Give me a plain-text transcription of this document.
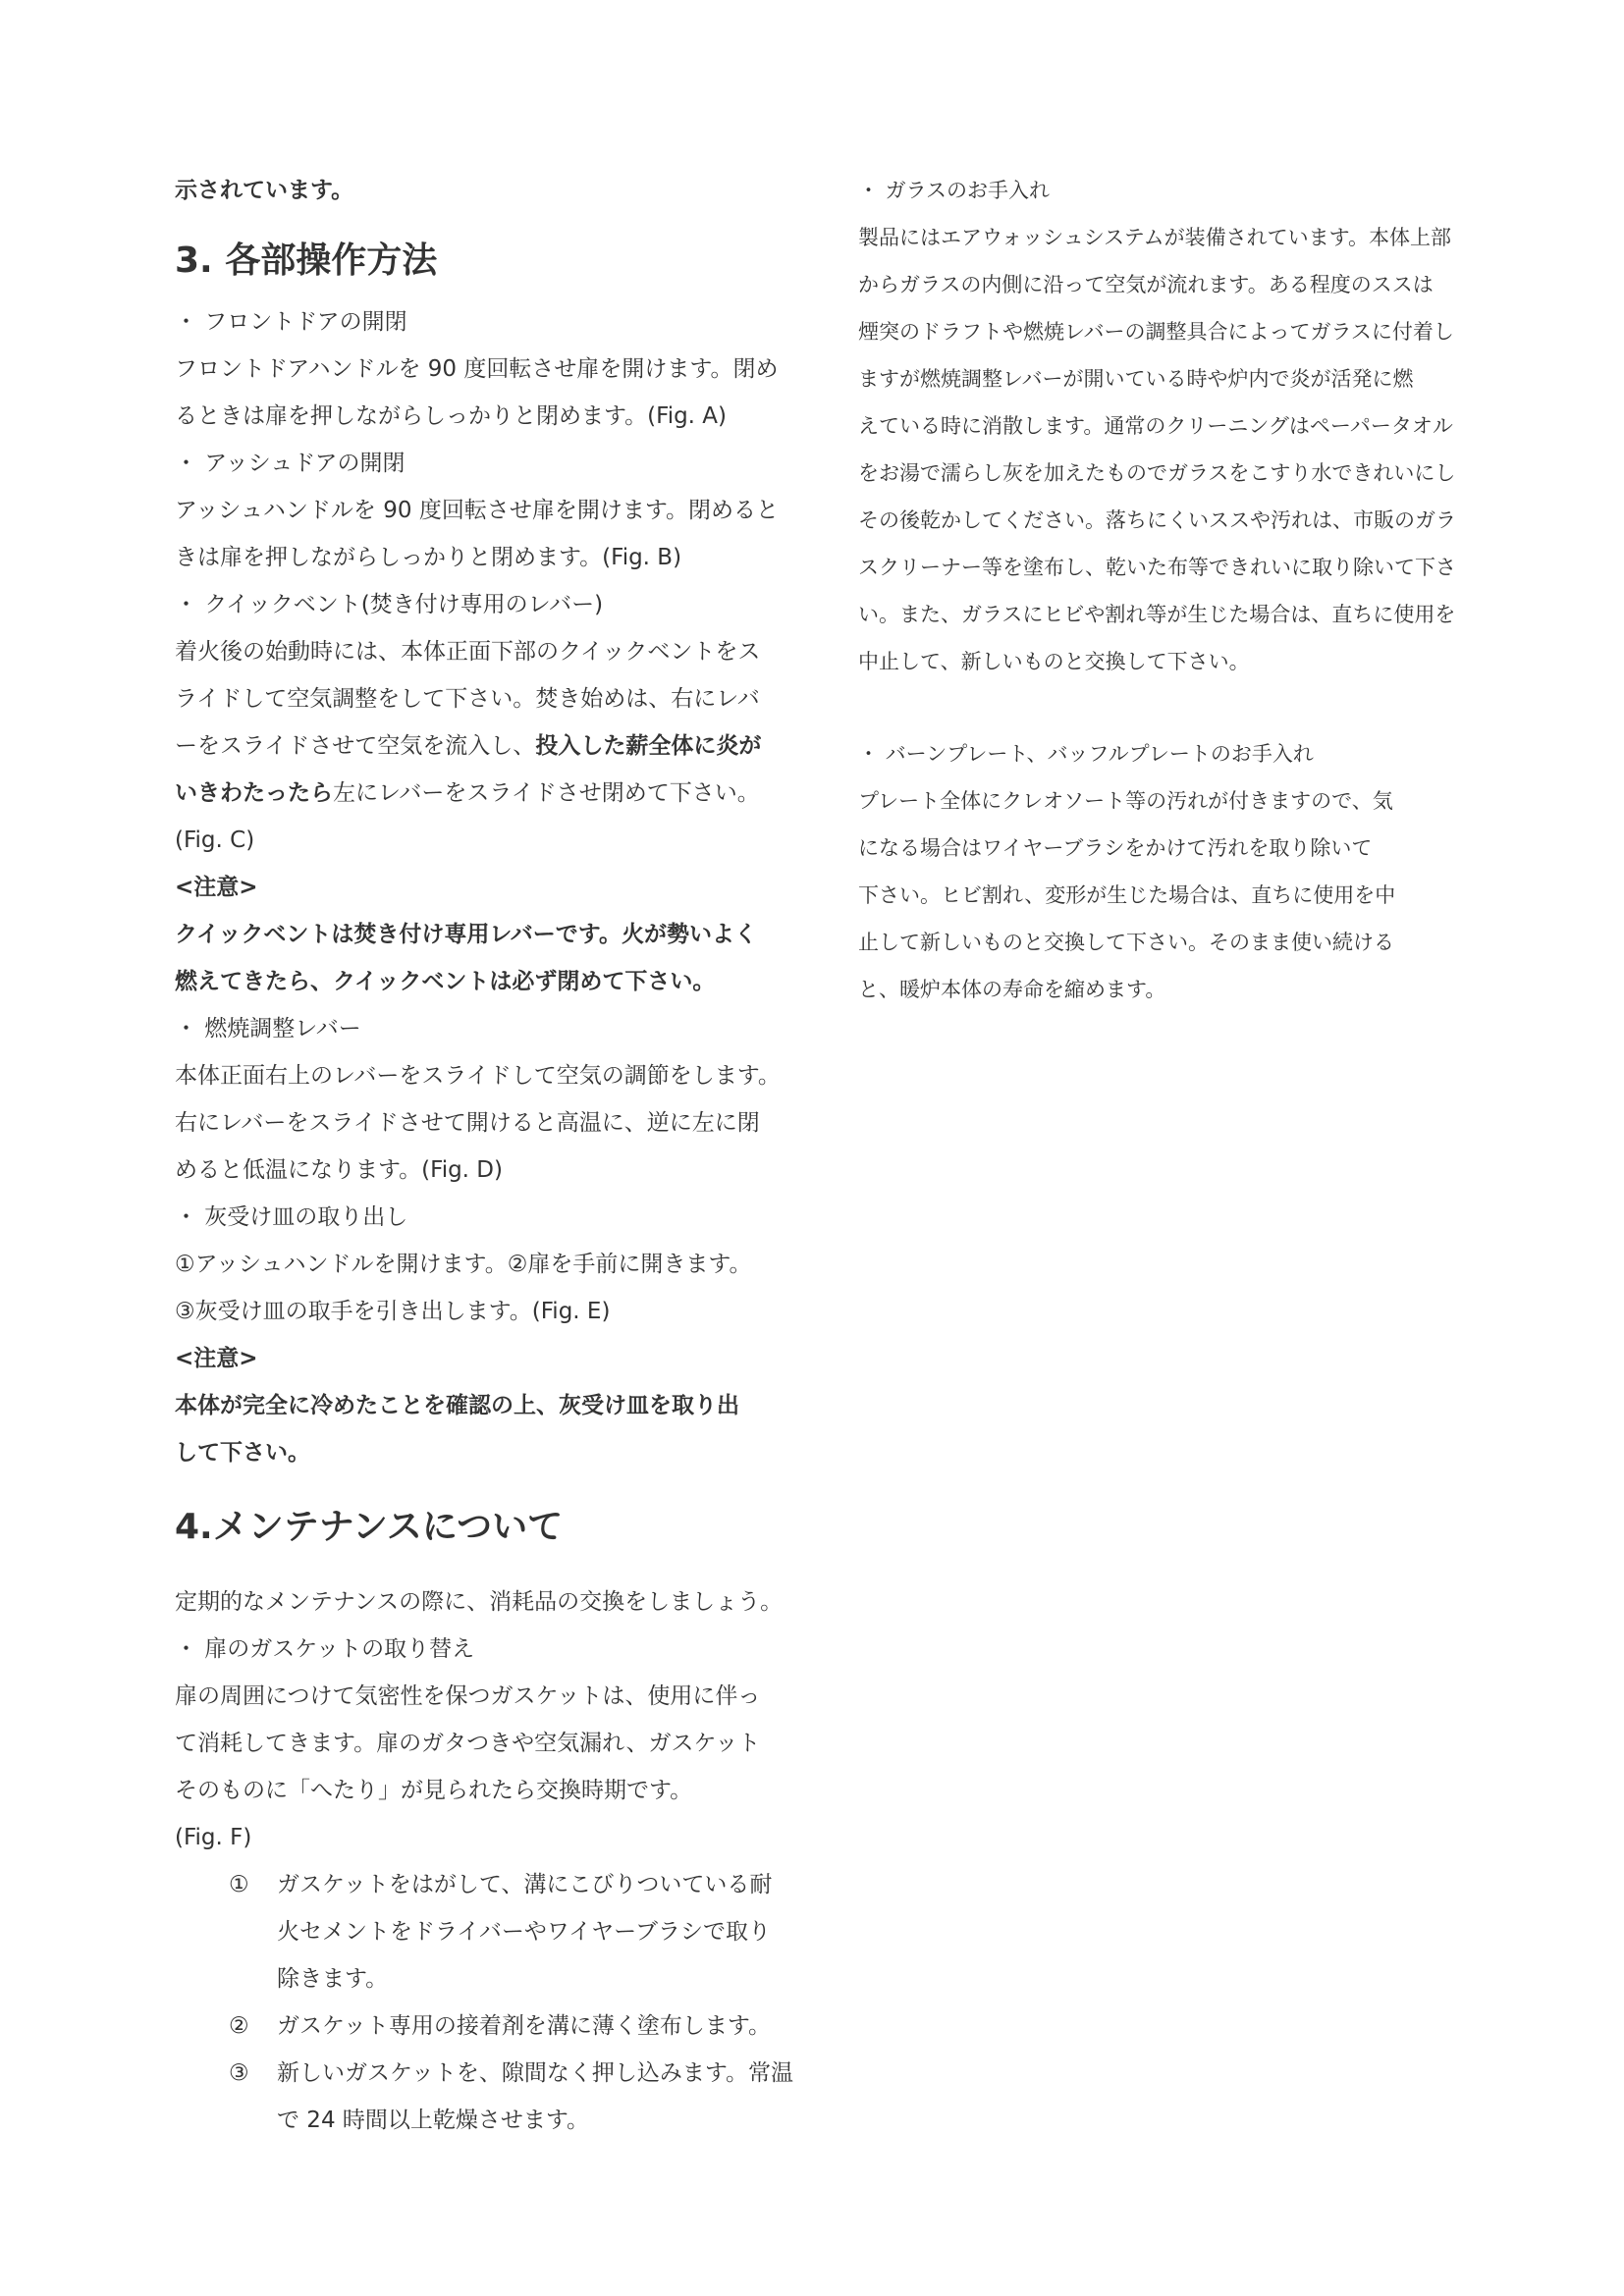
示されています。
3. 各部操作方法
・ フロントドアの開閉
フロントドアハンドルを 90 度回転させ扉を開けます。閉め
るときは扉を押しながらしっかりと閉めます。(Fig. A)
・ アッシュドアの開閉
アッシュハンドルを 90 度回転させ扉を開けます。閉めると
きは扉を押しながらしっかりと閉めます。(Fig. B)
・ クイックベント(焚き付け専用のレバー)
着火後の始動時には、本体正面下部のクイックベントをス
ライドして空気調整をして下さい。焚き始めは、右にレバ
ーをスライドさせて空気を流入し、投入した薪全体に炎が
いきわたったら左にレバーをスライドさせ閉めて下さい。
(Fig. C)
<注意>
クイックベントは焚き付け専用レバーです。火が勢いよく
燃えてきたら、クイックベントは必ず閉めて下さい。
・ 燃焼調整レバー
本体正面右上のレバーをスライドして空気の調節をします。
右にレバーをスライドさせて開けると高温に、逆に左に閉
めると低温になります。(Fig. D)
・ 灰受け皿の取り出し
①アッシュハンドルを開けます。②扉を手前に開きます。
③灰受け皿の取手を引き出します。(Fig. E)
<注意>
本体が完全に冷めたことを確認の上、灰受け皿を取り出
して下さい。
4.メンテナンスについて
定期的なメンテナンスの際に、消耗品の交換をしましょう。
・ 扉のガスケットの取り替え
扉の周囲につけて気密性を保つガスケットは、使用に伴っ
て消耗してきます。扉のガタつきや空気漏れ、ガスケット
そのものに「へたり」が見られたら交換時期です。
(Fig. F)
① ガスケットをはがして、溝にこびりついている耐
火セメントをドライバーやワイヤーブラシで取り
除きます。
② ガスケット専用の接着剤を溝に薄く塗布します。
③ 新しいガスケットを、隙間なく押し込みます。常温
で 24 時間以上乾燥させます。
・ ガラスのお手入れ
製品にはエアウォッシュシステムが装備されています。本体上部
からガラスの内側に沿って空気が流れます。ある程度のススは
煙突のドラフトや燃焼レバーの調整具合によってガラスに付着し
ますが燃焼調整レバーが開いている時や炉内で炎が活発に燃
えている時に消散します。通常のクリーニングはペーパータオル
をお湯で濡らし灰を加えたものでガラスをこすり水できれいにし
その後乾かしてください。落ちにくいススや汚れは、市販のガラ
スクリーナー等を塗布し、乾いた布等できれいに取り除いて下さ
い。また、ガラスにヒビや割れ等が生じた場合は、直ちに使用を
中止して、新しいものと交換して下さい。
・ バーンプレート、バッフルプレートのお手入れ
プレート全体にクレオソート等の汚れが付きますので、気
になる場合はワイヤーブラシをかけて汚れを取り除いて
下さい。ヒビ割れ、変形が生じた場合は、直ちに使用を中
止して新しいものと交換して下さい。そのまま使い続ける
と、暖炉本体の寿命を縮めます。
